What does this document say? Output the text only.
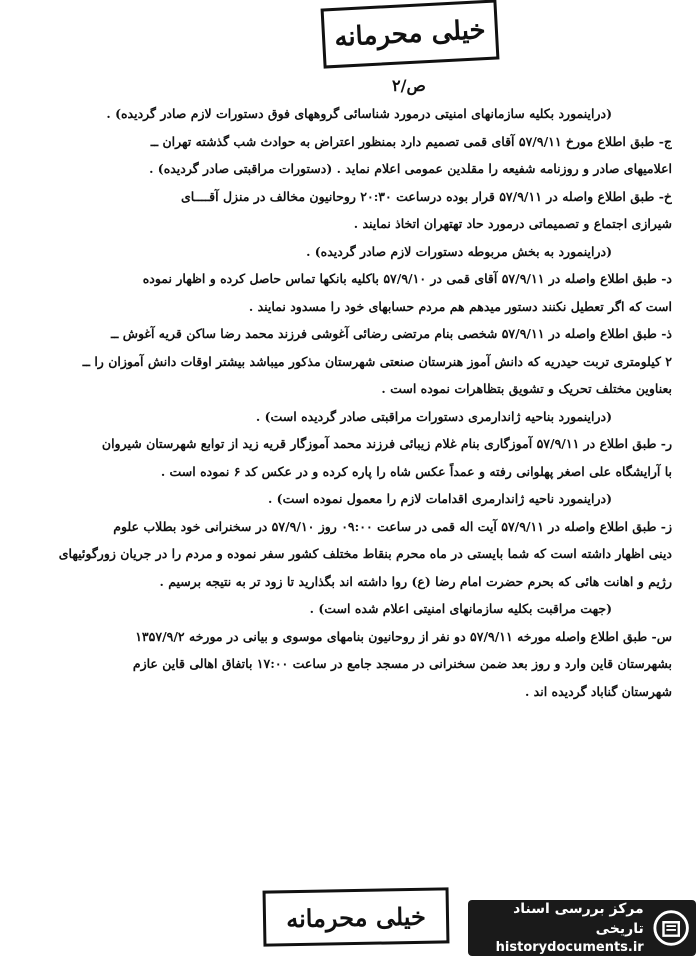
خیلی محرمانه
ص/۲
(دراینمورد بکلیه سازمانهای امنیتی درمورد شناسائی گروههای فوق دستورات لازم صادر گردیده) .
ج- طبق اطلاع مورخ ۵۷/۹/۱۱ آقای قمی تصمیم دارد بمنظور اعتراض به حوادث شب گذشته تهران ــ
اعلامیهای صادر و روزنامه شفیعه را مقلدین عمومی اعلام نماید . (دستورات مراقبتی صادر گردیده) .
خ- طبق اطلاع واصله در ۵۷/۹/۱۱ قرار بوده درساعت ۲۰:۳۰ روحانیون مخالف در منزل آقــــای
شیرازی اجتماع و تصمیماتی درمورد حاد تهتهران اتخاذ نمایند .
(دراینمورد به بخش مربوطه دستورات لازم صادر گردیده) .
د- طبق اطلاع واصله در ۵۷/۹/۱۱ آقای قمی در ۵۷/۹/۱۰ باکلیه بانکها تماس حاصل کرده و اظهار نموده
است که اگر تعطیل نکنند دستور میدهم هم مردم حسابهای خود را مسدود نمایند .
ذ- طبق اطلاع واصله در ۵۷/۹/۱۱ شخصی بنام مرتضی رضائی آغوشی فرزند محمد رضا ساکن قریه آغوش ــ
۲ کیلومتری تربت حیدریه که دانش آموز هنرستان صنعتی شهرستان مذکور میباشد بیشتر اوقات دانش آموزان را ــ
بعناوین مختلف تحریک و تشویق بتظاهرات نموده است .
(دراینمورد بناحیه ژاندارمری دستورات مراقبتی صادر گردیده است) .
ر- طبق اطلاع در ۵۷/۹/۱۱ آموزگاری بنام غلام زیبائی فرزند محمد آموزگار قریه زید از توابع شهرستان شیروان
با آرایشگاه علی اصغر پهلوانی رفته و عمداً عکس شاه را پاره کرده و در عکس کد ۶ نموده است .
(دراینمورد ناحیه ژاندارمری اقدامات لازم را معمول نموده است) .
ز- طبق اطلاع واصله در ۵۷/۹/۱۱ آیت اله قمی در ساعت ۰۹:۰۰ روز ۵۷/۹/۱۰ در سخنرانی خود بطلاب علوم
دینی اظهار داشته است که شما بایستی در ماه محرم بنقاط مختلف کشور سفر نموده و مردم را در جریان زورگوئیهای
رژیم و اهانت هائی که بحرم حضرت امام رضا (ع) روا داشته اند بگذارید تا زود تر به نتیجه برسیم .
(جهت مراقبت بکلیه سازمانهای امنیتی اعلام شده است) .
س- طبق اطلاع واصله مورخه ۵۷/۹/۱۱ دو نفر از روحانیون بنامهای موسوی و بیانی در مورخه ۱۳۵۷/۹/۲
بشهرستان قاین وارد و روز بعد ضمن سخنرانی در مسجد جامع در ساعت ۱۷:۰۰ باتفاق اهالی قاین عازم
شهرستان گناباد گردیده اند .
خیلی محرمانه	مرکز بررسی اسناد تاریخی
historydocuments.ir
